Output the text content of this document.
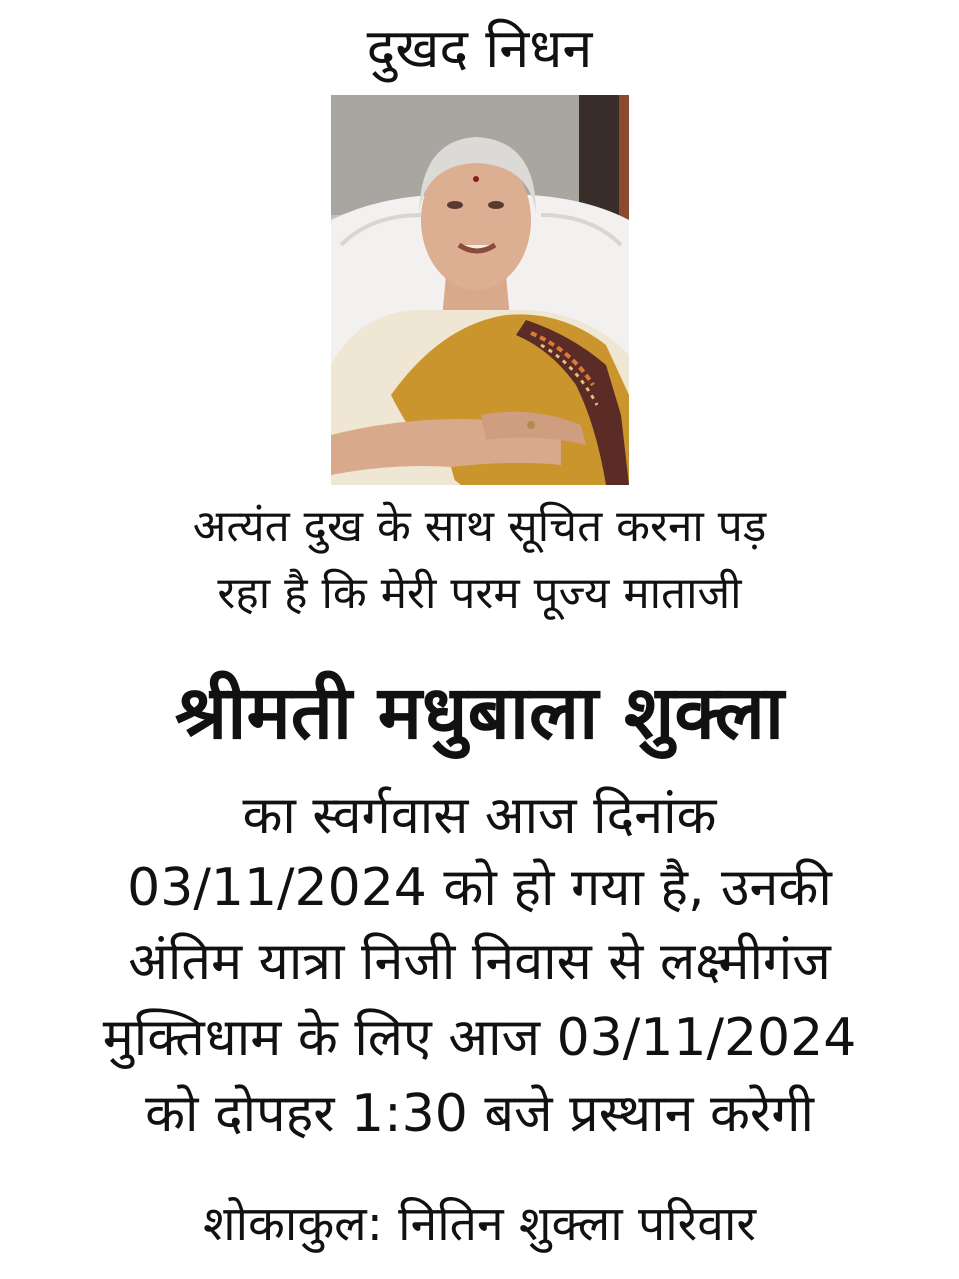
दुखद निधन
अत्यंत दुख के साथ सूचित करना पड़
रहा है कि मेरी परम पूज्य माताजी
श्रीमती मधुबाला शुक्ला
का स्वर्गवास आज दिनांक
03/11/2024 को हो गया है, उनकी
अंतिम यात्रा निजी निवास से लक्ष्मीगंज
मुक्तिधाम के लिए आज 03/11/2024
को दोपहर 1:30 बजे प्रस्थान करेगी
शोकाकुल: नितिन शुक्ला परिवार
